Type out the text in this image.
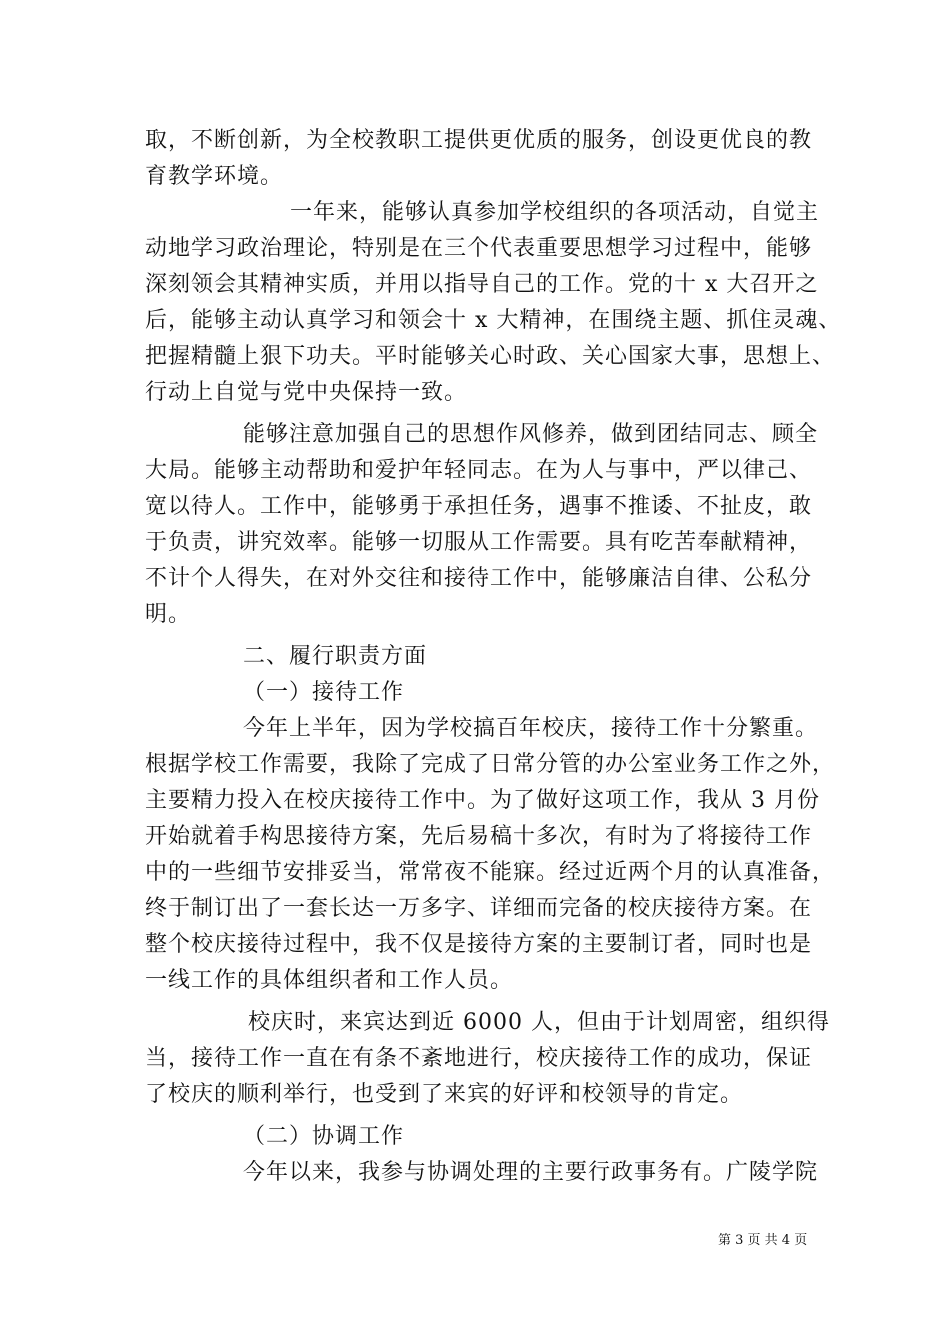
取，不断创新，为全校教职工提供更优质的服务，创设更优良的教
育教学环境。
一年来，能够认真参加学校组织的各项活动，自觉主
动地学习政治理论，特别是在三个代表重要思想学习过程中，能够
深刻领会其精神实质，并用以指导自己的工作。党的十 x 大召开之
后，能够主动认真学习和领会十 x 大精神，在围绕主题、抓住灵魂、
把握精髓上狠下功夫。平时能够关心时政、关心国家大事，思想上、
行动上自觉与党中央保持一致。
能够注意加强自己的思想作风修养，做到团结同志、顾全
大局。能够主动帮助和爱护年轻同志。在为人与事中，严以律己、
宽以待人。工作中，能够勇于承担任务，遇事不推诿、不扯皮，敢
于负责，讲究效率。能够一切服从工作需要。具有吃苦奉献精神，
不计个人得失，在对外交往和接待工作中，能够廉洁自律、公私分
明。
二、履行职责方面
（一）接待工作
今年上半年，因为学校搞百年校庆，接待工作十分繁重。
根据学校工作需要，我除了完成了日常分管的办公室业务工作之外，
主要精力投入在校庆接待工作中。为了做好这项工作，我从 3 月份
开始就着手构思接待方案，先后易稿十多次，有时为了将接待工作
中的一些细节安排妥当，常常夜不能寐。经过近两个月的认真准备，
终于制订出了一套长达一万多字、详细而完备的校庆接待方案。在
整个校庆接待过程中，我不仅是接待方案的主要制订者，同时也是
一线工作的具体组织者和工作人员。
校庆时，来宾达到近 6000 人，但由于计划周密，组织得
当，接待工作一直在有条不紊地进行，校庆接待工作的成功，保证
了校庆的顺利举行，也受到了来宾的好评和校领导的肯定。
（二）协调工作
今年以来，我参与协调处理的主要行政事务有。广陵学院
第 3 页 共 4 页
